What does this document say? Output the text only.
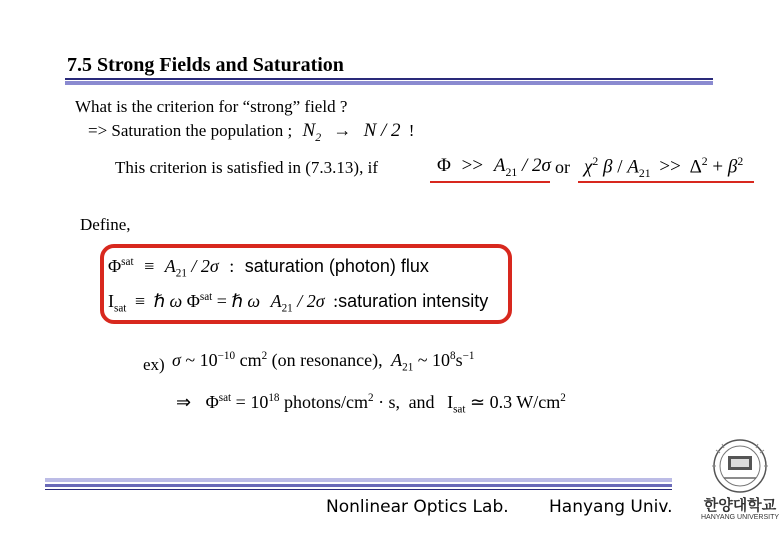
7.5 Strong Fields and Saturation
What is the criterion for “strong” field ?
=> Saturation the population ; $N_2 \to N / 2$ !
This criterion is satisfied in (7.3.13), if	$\Phi >> A_{21} / 2\sigma$ or $\chi^2$ $\beta / A_{21} >> \Delta^2 + \beta^2$
Define,
$\Phi^{sat} \equiv A_{21} / 2\sigma$ : saturation (photon) flux
$I_{sat}$ ≡ ℏ ω $\Phi^{sat}$ = ℏ ω $A_{21} / 2\sigma$ :saturation intensity
ex) σ ~ $10^{-10}$ $cm^2$ (on resonance), $A_{21}$ ~ $10^8s^{-1}$
⇒ $\Phi^{sat} = 10^{18}$ photons/$cm^2 \cdot s$, and $I_{sat}$ ≃ 0.3 $W/cm^2$
Nonlinear Optics Lab. Hanyang Univ. 한양대학교
HANYANG UNIVERSITY
